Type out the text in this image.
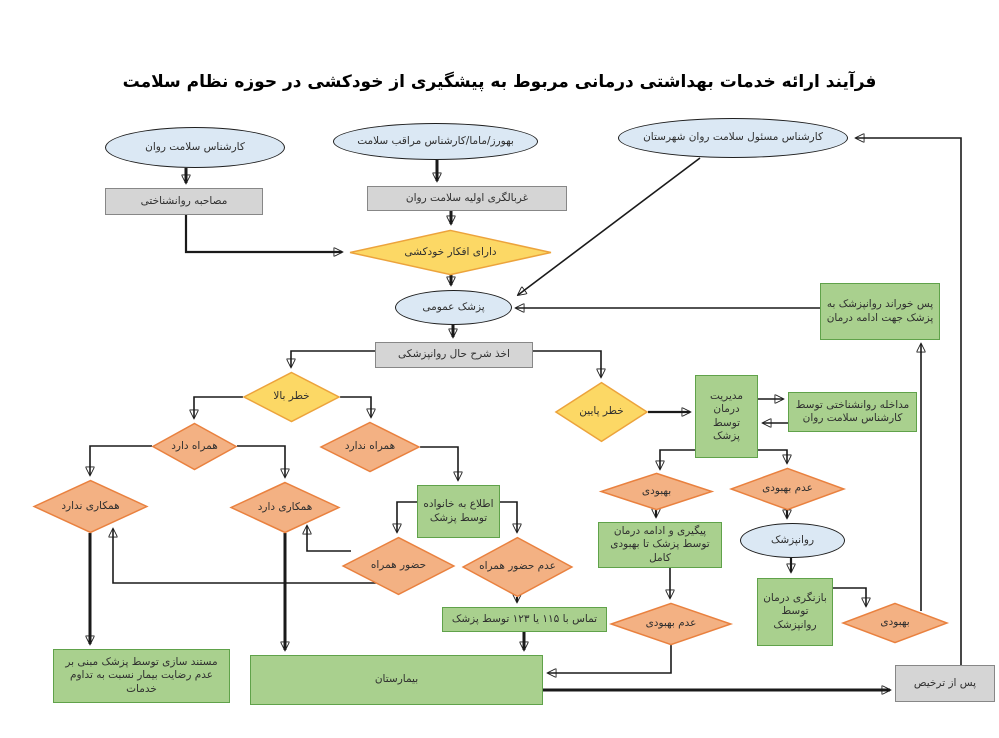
فرآیند ارائه خدمات بهداشتی درمانی مربوط به پیشگیری از خودکشی در حوزه نظام سلامت
کارشناس سلامت روان	بهورز/ماما/کارشناس مراقب سلامت	کارشناس مسئول سلامت روان شهرستان
پزشک عمومی
روانپزشک
مصاحبه روانشناختی	غربالگری اولیه سلامت روان
اخذ شرح حال روانپزشکی
پس از ترخیص
دارای افکار خودکشی
خطر بالا
خطر پایین
همراه دارد	همراه ندارد
همکاری ندارد	همکاری دارد
حضور همراه	عدم حضور همراه
بهبودی	عدم بهبودی
بهبودی
عدم بهبودی
مدیریت درمان توسط پزشک
مداخله روانشناختی توسط کارشناس سلامت روان
اطلاع به خانواده توسط پزشک
تماس با ۱۱۵ یا ۱۲۳ توسط پزشک
بیمارستان
مستند سازی توسط پزشک مبنی بر عدم رضایت بیمار نسبت به تداوم خدمات
پیگیری و ادامه درمان توسط پزشک تا بهبودی کامل
بازنگری درمان توسط روانپزشک
پس خوراند روانپزشک به پزشک جهت ادامه درمان
